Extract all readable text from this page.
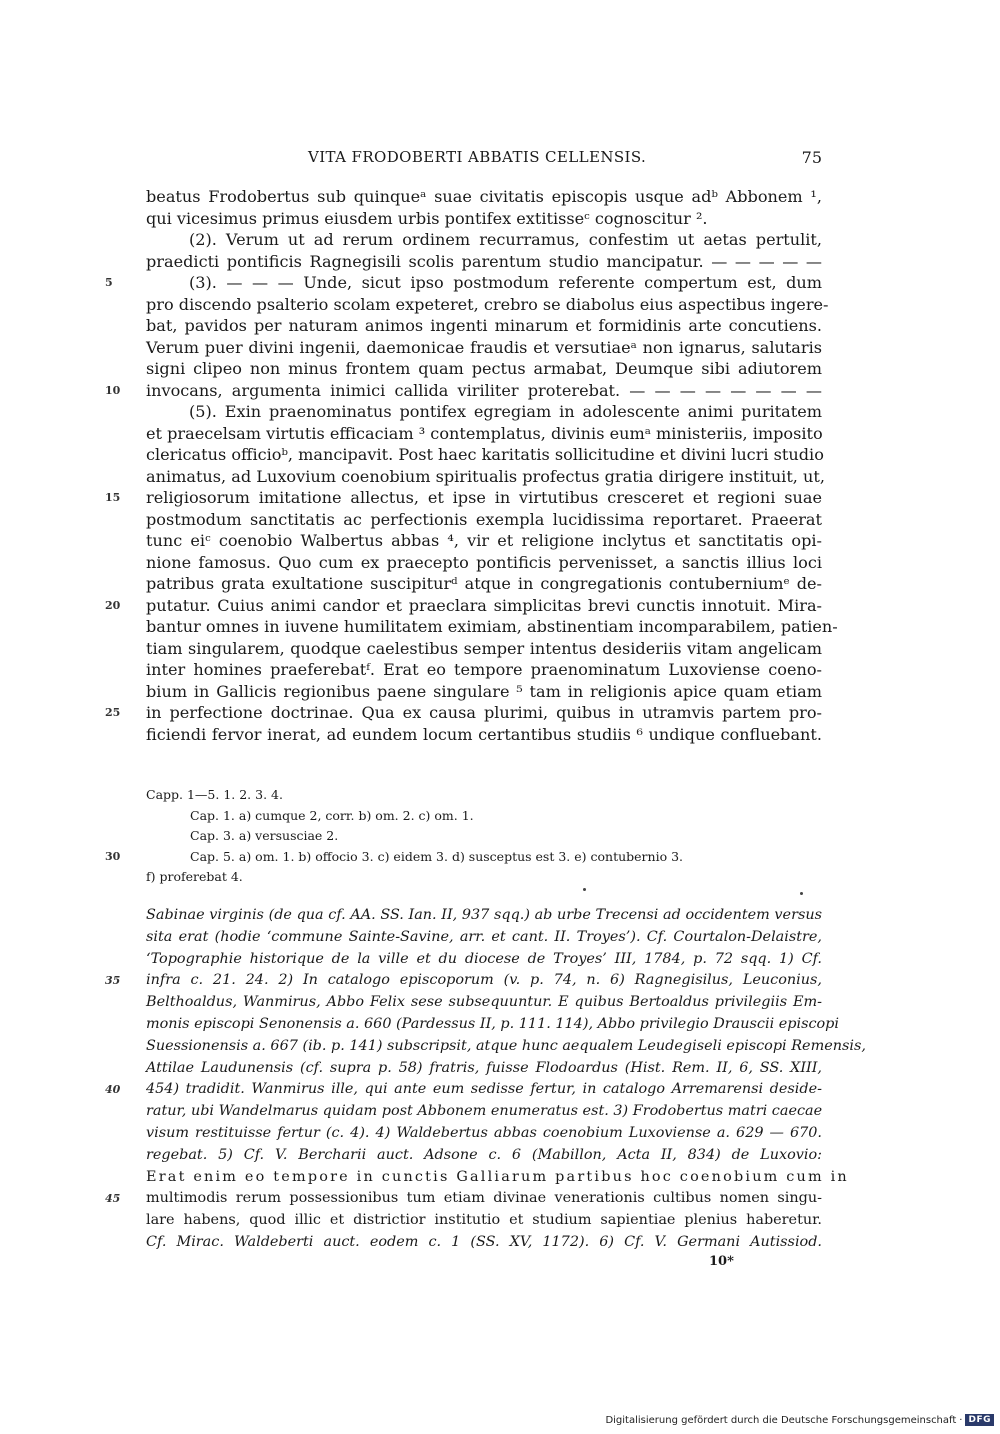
VITA FRODOBERTI ABBATIS CELLENSIS.	75
beatus Frodobertus sub quinqueᵃ suae civitatis episcopis usque adᵇ Abbonem ¹,
qui vicesimus primus eiusdem urbis pontifex extitisseᶜ cognoscitur ².
(2). Verum ut ad rerum ordinem recurramus, confestim ut aetas pertulit,
praedicti pontificis Ragnegisili scolis parentum studio mancipatur. — — — — —
5	(3). — — — Unde, sicut ipso postmodum referente compertum est, dum
pro discendo psalterio scolam expeteret, crebro se diabolus eius aspectibus ingere-
bat, pavidos per naturam animos ingenti minarum et formidinis arte concutiens.
Verum puer divini ingenii, daemonicae fraudis et versutiaeᵃ non ignarus, salutaris
signi clipeo non minus frontem quam pectus armabat, Deumque sibi adiutorem
10 invocans, argumenta inimici callida viriliter proterebat. — — — — — — — —
(5). Exin praenominatus pontifex egregiam in adolescente animi puritatem
et praecelsam virtutis efficaciam ³ contemplatus, divinis eumᵃ ministeriis, imposito
clericatus officioᵇ, mancipavit. Post haec karitatis sollicitudine et divini lucri studio
animatus, ad Luxovium coenobium spiritualis profectus gratia dirigere instituit, ut,
15 religiosorum imitatione allectus, et ipse in virtutibus cresceret et regioni suae
postmodum sanctitatis ac perfectionis exempla lucidissima reportaret. Praeerat
tunc eiᶜ coenobio Walbertus abbas ⁴, vir et religione inclytus et sanctitatis opi-
nione famosus. Quo cum ex praecepto pontificis pervenisset, a sanctis illius loci
patribus grata exultatione suscipiturᵈ atque in congregationis contuberniumᵉ de-
20 putatur. Cuius animi candor et praeclara simplicitas brevi cunctis innotuit. Mira-
bantur omnes in iuvene humilitatem eximiam, abstinentiam incomparabilem, patien-
tiam singularem, quodque caelestibus semper intentus desideriis vitam angelicam
inter homines praeferebatᶠ. Erat eo tempore praenominatum Luxoviense coeno-
bium in Gallicis regionibus paene singulare ⁵ tam in religionis apice quam etiam
25 in perfectione doctrinae. Qua ex causa plurimi, quibus in utramvis partem pro-
ficiendi fervor inerat, ad eundem locum certantibus studiis ⁶ undique confluebant.
Capp. 1—5. 1. 2. 3. 4.
Cap. 1. a) cumque 2, corr. b) om. 2. c) om. 1.
Cap. 3. a) versusciae 2.
30	Cap. 5. a) om. 1. b) offocio 3. c) eidem 3. d) susceptus est 3. e) contubernio 3.
f) proferebat 4.
Sabinae virginis (de qua cf. AA. SS. Ian. II, 937 sqq.) ab urbe Trecensi ad occidentem versus
sita erat (hodie ‘commune Sainte-Savine, arr. et cant. II. Troyes’). Cf. Courtalon-Delaistre,
‘Topographie historique de la ville et du diocese de Troyes’ III, 1784, p. 72 sqq. 1) Cf.
35 infra c. 21. 24. 2) In catalogo episcoporum (v. p. 74, n. 6) Ragnegisilus, Leuconius,
Belthoaldus, Wanmirus, Abbo Felix sese subsequuntur. E quibus Bertoaldus privilegiis Em-
monis episcopi Senonensis a. 660 (Pardessus II, p. 111. 114), Abbo privilegio Drauscii episcopi
Suessionensis a. 667 (ib. p. 141) subscripsit, atque hunc aequalem Leudegiseli episcopi Remensis,
Attilae Laudunensis (cf. supra p. 58) fratris, fuisse Flodoardus (Hist. Rem. II, 6, SS. XIII,
40 454) tradidit. Wanmirus ille, qui ante eum sedisse fertur, in catalogo Arremarensi deside-
ratur, ubi Wandelmarus quidam post Abbonem enumeratus est. 3) Frodobertus matri caecae
visum restituisse fertur (c. 4). 4) Waldebertus abbas coenobium Luxoviense a. 629 — 670.
regebat. 5) Cf. V. Bercharii auct. Adsone c. 6 (Mabillon, Acta II, 834) de Luxovio:
Erat enim eo tempore in cunctis Galliarum partibus hoc coenobium cum in
45 multimodis rerum possessionibus tum etiam divinae venerationis cultibus nomen singu-
lare habens, quod illic et districtior institutio et studium sapientiae plenius haberetur.
Cf. Mirac. Waldeberti auct. eodem c. 1 (SS. XV, 1172). 6) Cf. V. Germani Autissiod.
10*
Digitalisierung gefördert durch die Deutsche Forschungsgemeinschaft · DFG
